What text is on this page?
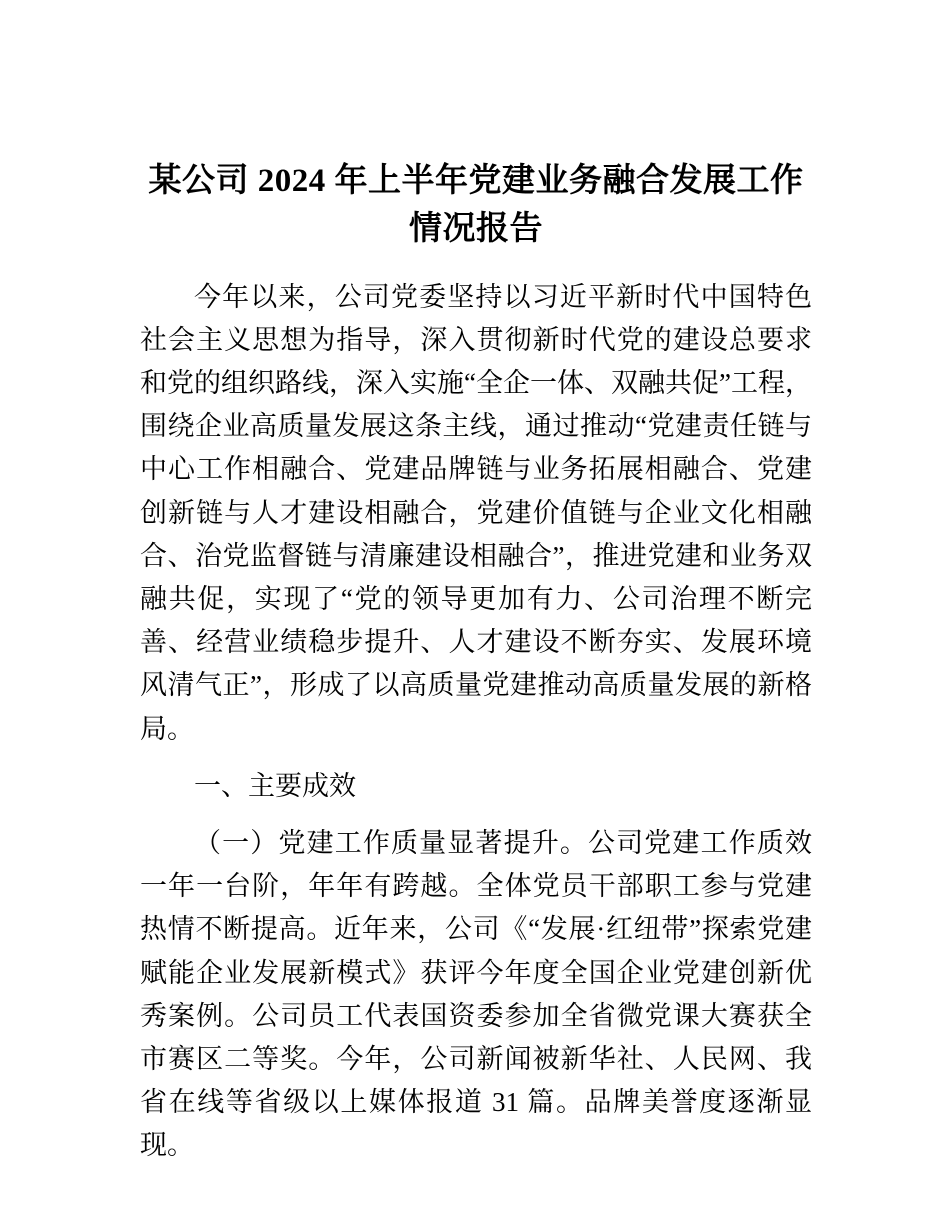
某公司 2024 年上半年党建业务融合发展工作情况报告

今年以来，公司党委坚持以习近平新时代中国特色社会主义思想为指导，深入贯彻新时代党的建设总要求和党的组织路线，深入实施“全企一体、双融共促”工程，围绕企业高质量发展这条主线，通过推动“党建责任链与中心工作相融合、党建品牌链与业务拓展相融合、党建创新链与人才建设相融合，党建价值链与企业文化相融合、治党监督链与清廉建设相融合”，推进党建和业务双融共促，实现了“党的领导更加有力、公司治理不断完善、经营业绩稳步提升、人才建设不断夯实、发展环境风清气正”，形成了以高质量党建推动高质量发展的新格局。

一、主要成效

（一）党建工作质量显著提升。公司党建工作质效一年一台阶，年年有跨越。全体党员干部职工参与党建热情不断提高。近年来，公司《“发展·红纽带”探索党建赋能企业发展新模式》获评今年度全国企业党建创新优秀案例。公司员工代表国资委参加全省微党课大赛获全市赛区二等奖。今年，公司新闻被新华社、人民网、我省在线等省级以上媒体报道 31 篇。品牌美誉度逐渐显现。
